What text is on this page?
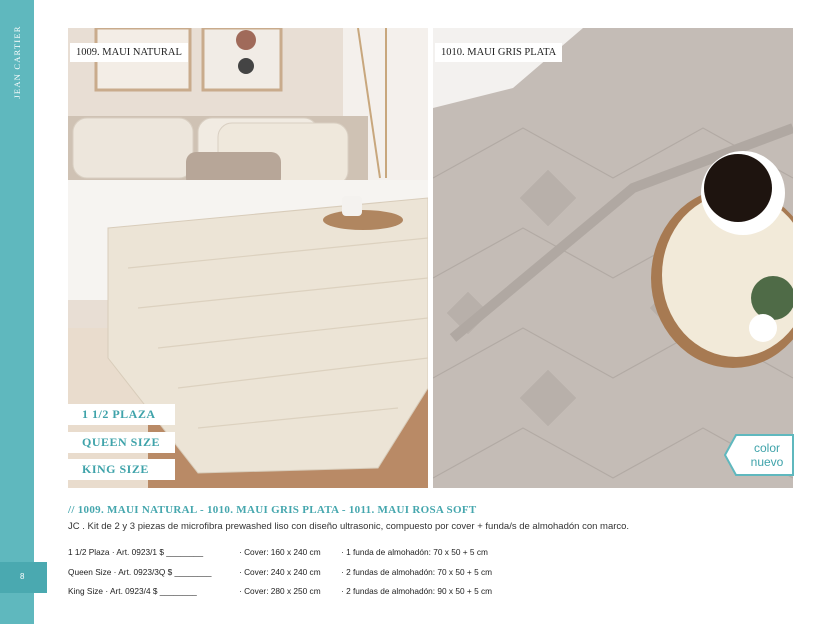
JEAN CARTIER
8
1009. MAUI NATURAL
1 1/2 PLAZA
QUEEN SIZE
KING SIZE
1010. MAUI GRIS PLATA
color
nuevo
// 1009. MAUI NATURAL - 1010. MAUI GRIS PLATA - 1011. MAUI ROSA SOFT
JC . Kit de 2 y 3 piezas de microfibra prewashed liso con diseño ultrasonic, compuesto por cover + funda/s de almohadón con marco.
1 1/2 Plaza · Art. 0923/1 $ ________	· Cover: 160 x 240 cm · 1 funda de almohadón: 70 x 50 + 5 cm
Queen Size · Art. 0923/3Q $ ________	· Cover: 240 x 240 cm · 2 fundas de almohadón: 70 x 50 + 5 cm
King Size · Art. 0923/4 $ ________	· Cover: 280 x 250 cm · 2 fundas de almohadón: 90 x 50 + 5 cm
